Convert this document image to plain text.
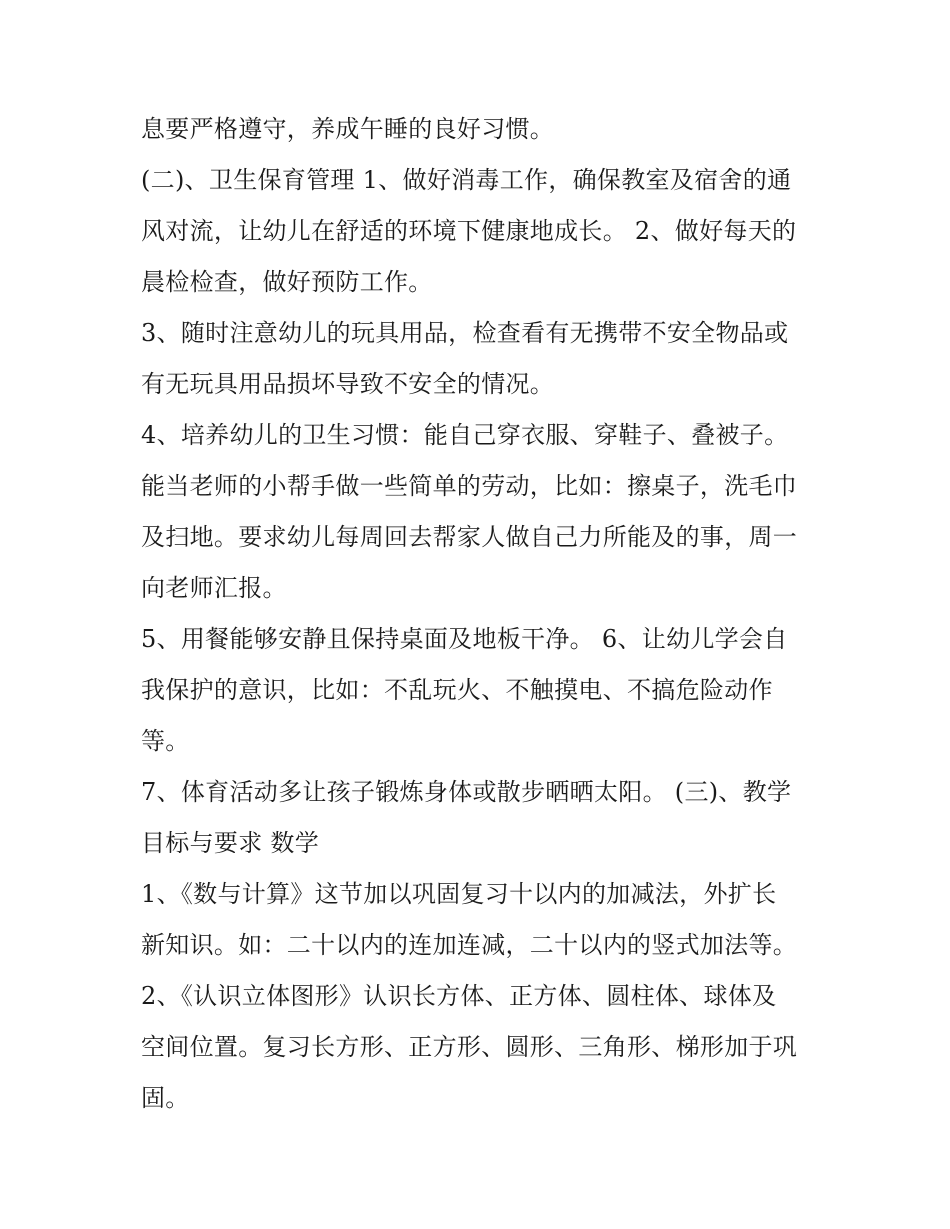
息要严格遵守，养成午睡的良好习惯。
(二)、卫生保育管理 1、做好消毒工作，确保教室及宿舍的通
风对流，让幼儿在舒适的环境下健康地成长。 2、做好每天的
晨检检查，做好预防工作。
3、随时注意幼儿的玩具用品，检查看有无携带不安全物品或
有无玩具用品损坏导致不安全的情况。
4、培养幼儿的卫生习惯：能自己穿衣服、穿鞋子、叠被子。
能当老师的小帮手做一些简单的劳动，比如：擦桌子，洗毛巾
及扫地。要求幼儿每周回去帮家人做自己力所能及的事，周一
向老师汇报。
5、用餐能够安静且保持桌面及地板干净。 6、让幼儿学会自
我保护的意识，比如：不乱玩火、不触摸电、不搞危险动作
等。
7、体育活动多让孩子锻炼身体或散步晒晒太阳。 (三)、教学
目标与要求 数学
1、《数与计算》这节加以巩固复习十以内的加减法，外扩长
新知识。如：二十以内的连加连减，二十以内的竖式加法等。
2、《认识立体图形》认识长方体、正方体、圆柱体、球体及
空间位置。复习长方形、正方形、圆形、三角形、梯形加于巩
固。
